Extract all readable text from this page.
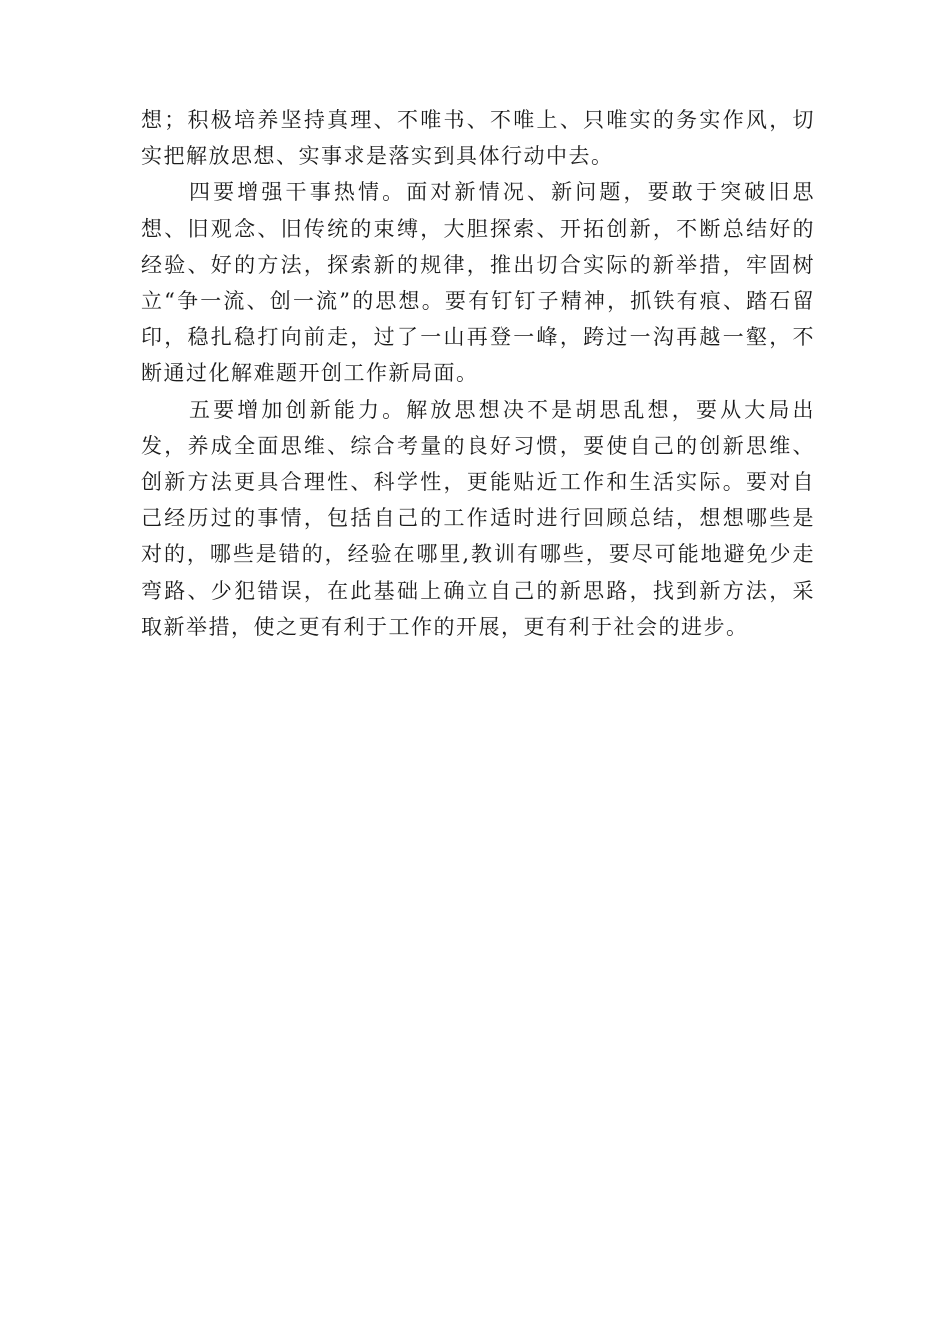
想；积极培养坚持真理、不唯书、不唯上、只唯实的务实作风，切实把解放思想、实事求是落实到具体行动中去。

四要增强干事热情。面对新情况、新问题，要敢于突破旧思想、旧观念、旧传统的束缚，大胆探索、开拓创新，不断总结好的经验、好的方法，探索新的规律，推出切合实际的新举措，牢固树立“争一流、创一流”的思想。要有钉钉子精神，抓铁有痕、踏石留印，稳扎稳打向前走，过了一山再登一峰，跨过一沟再越一壑，不断通过化解难题开创工作新局面。

五要增加创新能力。解放思想决不是胡思乱想，要从大局出发，养成全面思维、综合考量的良好习惯，要使自己的创新思维、创新方法更具合理性、科学性，更能贴近工作和生活实际。要对自己经历过的事情，包括自己的工作适时进行回顾总结，想想哪些是对的，哪些是错的，经验在哪里,教训有哪些，要尽可能地避免少走弯路、少犯错误，在此基础上确立自己的新思路，找到新方法，采取新举措，使之更有利于工作的开展，更有利于社会的进步。
